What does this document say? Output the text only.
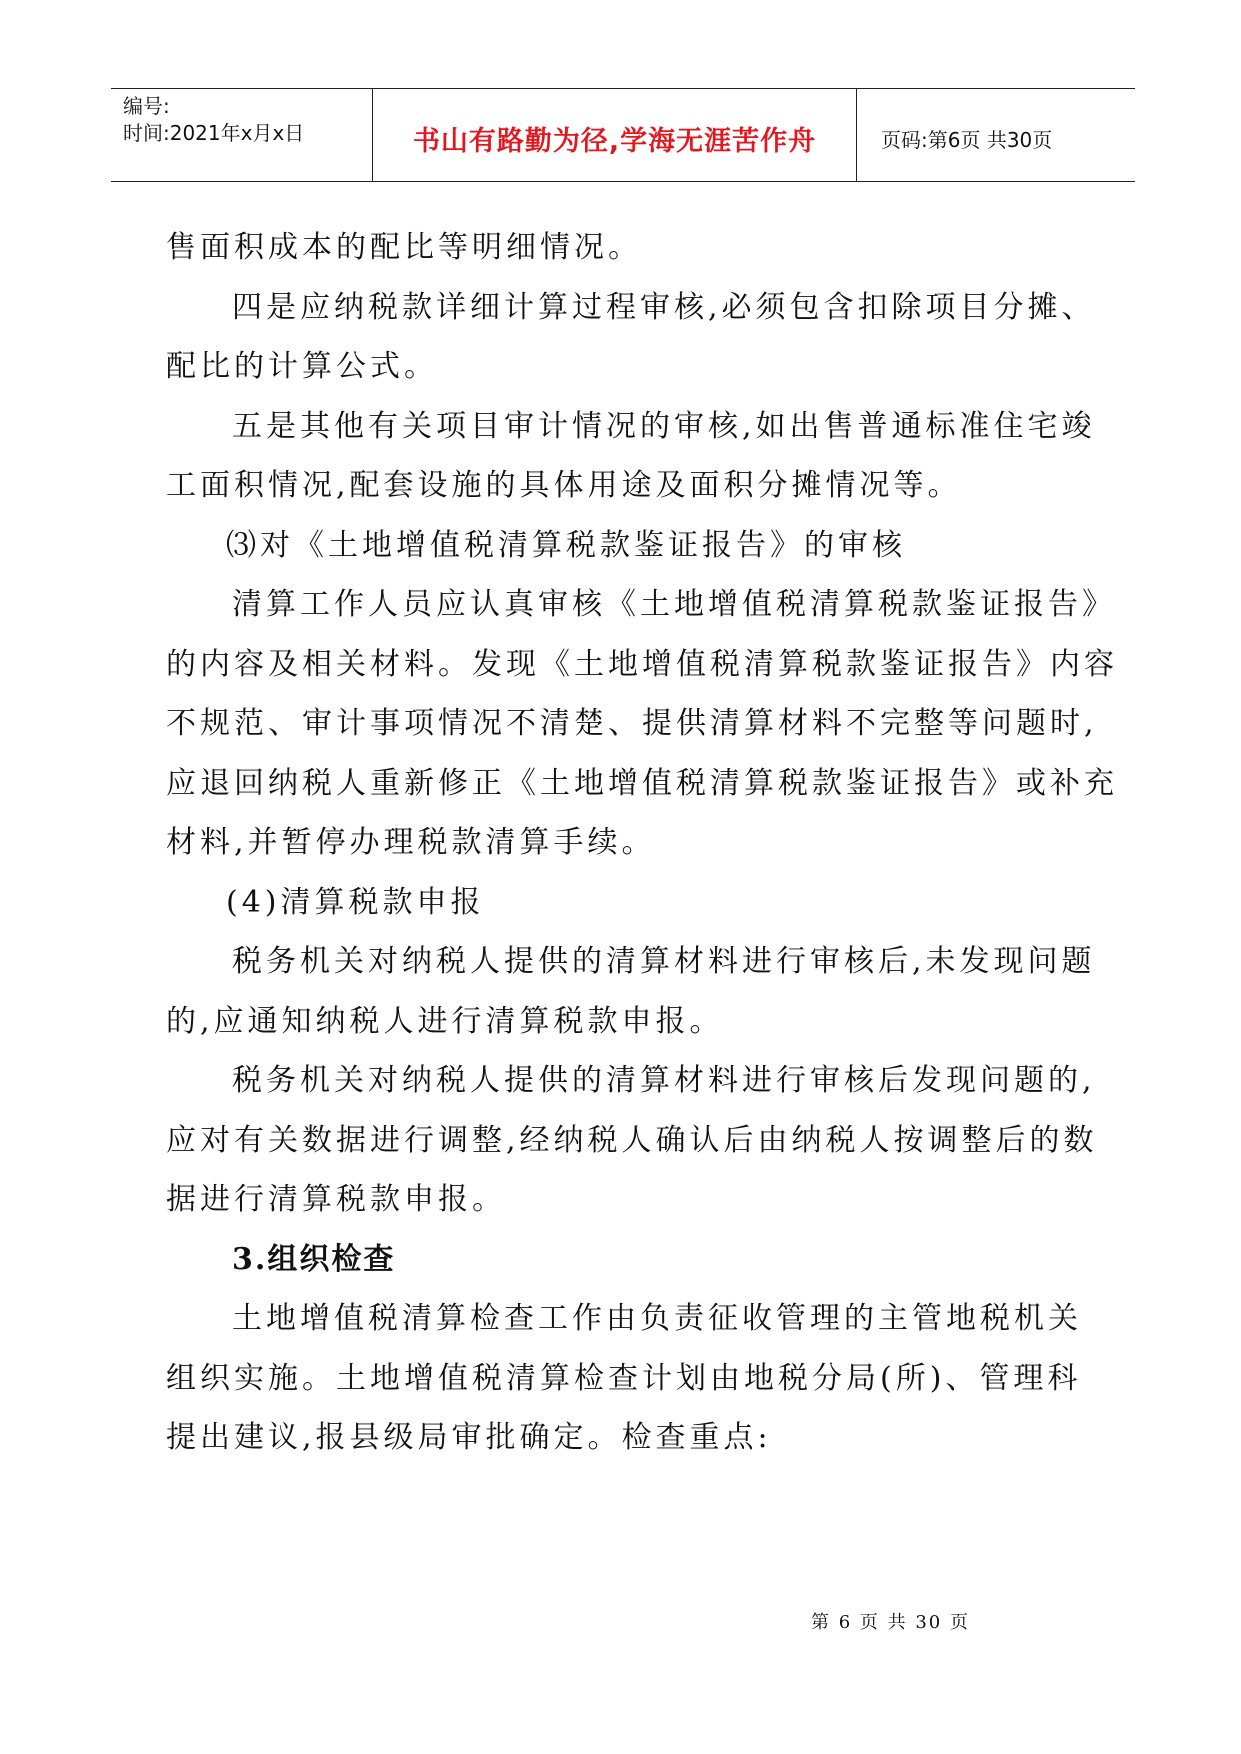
编号:
时间:2021年x月x日	书山有路勤为径,学海无涯苦作舟	页码:第6页 共30页

售面积成本的配比等明细情况。

四是应纳税款详细计算过程审核,必须包含扣除项目分摊、

配比的计算公式。

五是其他有关项目审计情况的审核,如出售普通标准住宅竣

工面积情况,配套设施的具体用途及面积分摊情况等。

⑶对《土地增值税清算税款鉴证报告》的审核

清算工作人员应认真审核《土地增值税清算税款鉴证报告》

的内容及相关材料。发现《土地增值税清算税款鉴证报告》内容

不规范、审计事项情况不清楚、提供清算材料不完整等问题时,

应退回纳税人重新修正《土地增值税清算税款鉴证报告》或补充

材料,并暂停办理税款清算手续。

(4)清算税款申报

税务机关对纳税人提供的清算材料进行审核后,未发现问题

的,应通知纳税人进行清算税款申报。

税务机关对纳税人提供的清算材料进行审核后发现问题的,

应对有关数据进行调整,经纳税人确认后由纳税人按调整后的数

据进行清算税款申报。

3.组织检查

土地增值税清算检查工作由负责征收管理的主管地税机关

组织实施。土地增值税清算检查计划由地税分局(所)、管理科

提出建议,报县级局审批确定。检查重点:

第 6 页 共 30 页
